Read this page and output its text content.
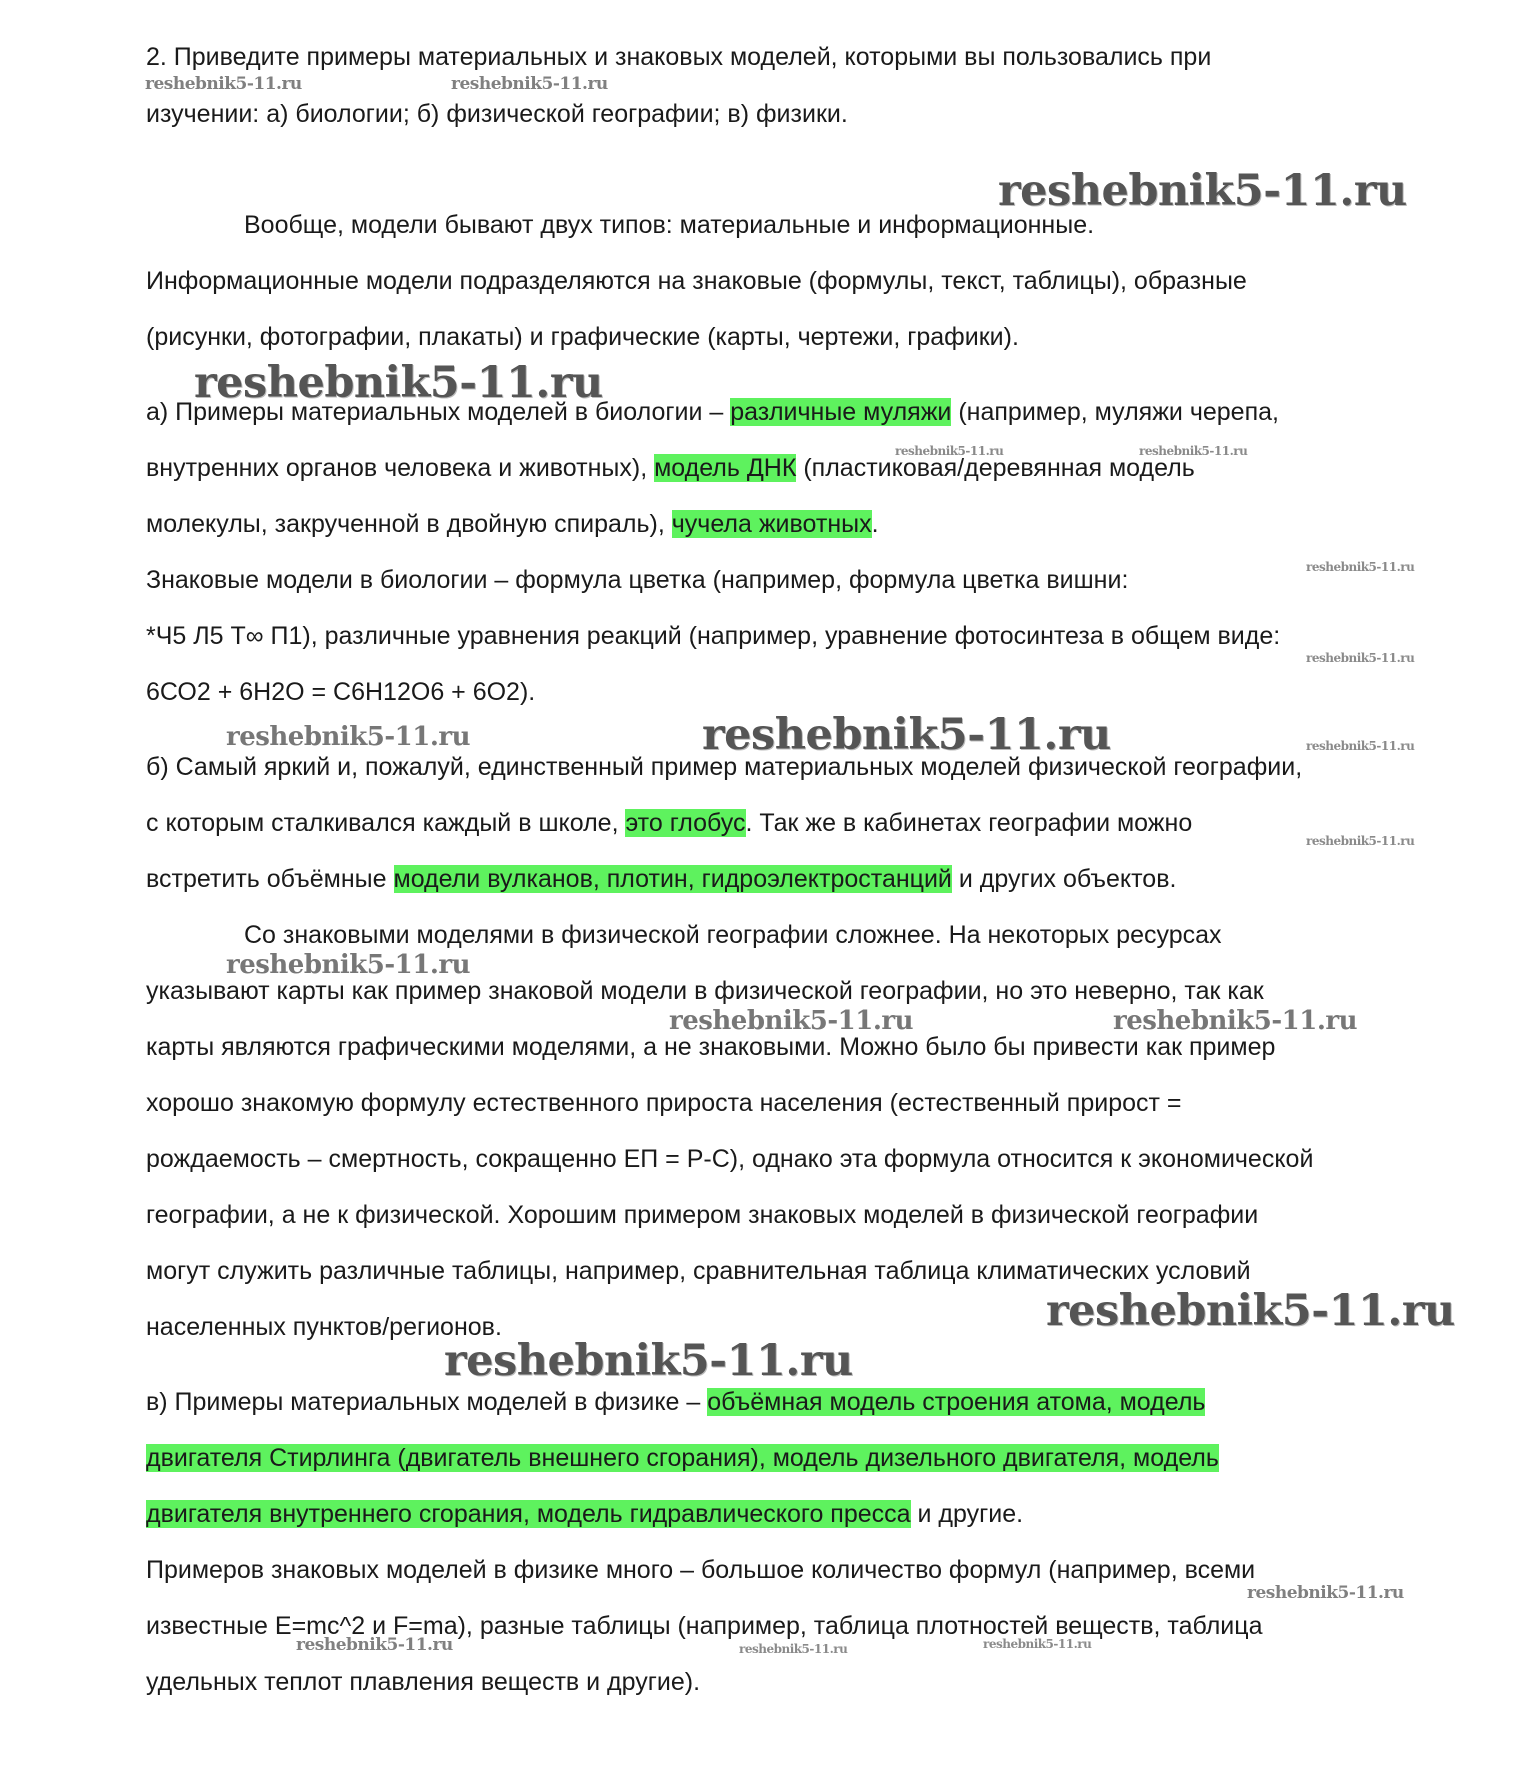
2. Приведите примеры материальных и знаковых моделей, которыми вы пользовались при
изучении: а) биологии; б) физической географии; в) физики.
Вообще, модели бывают двух типов: материальные и информационные.
Информационные модели подразделяются на знаковые (формулы, текст, таблицы), образные
(рисунки, фотографии, плакаты) и графические (карты, чертежи, графики).
а) Примеры материальных моделей в биологии – различные муляжи (например, муляжи черепа,
внутренних органов человека и животных), модель ДНК (пластиковая/деревянная модель
молекулы, закрученной в двойную спираль), чучела животных.
Знаковые модели в биологии – формула цветка (например, формула цветка вишни:
*Ч5 Л5 Т∞ П1), различные уравнения реакций (например, уравнение фотосинтеза в общем виде:
6СО2 + 6Н2О = С6Н12О6 + 6О2).
б) Самый яркий и, пожалуй, единственный пример материальных моделей физической географии,
с которым сталкивался каждый в школе, это глобус. Так же в кабинетах географии можно
встретить объёмные модели вулканов, плотин, гидроэлектростанций и других объектов.
Со знаковыми моделями в физической географии сложнее. На некоторых ресурсах
указывают карты как пример знаковой модели в физической географии, но это неверно, так как
карты являются графическими моделями, а не знаковыми. Можно было бы привести как пример
хорошо знакомую формулу естественного прироста населения (естественный прирост =
рождаемость – смертность, сокращенно ЕП = Р-С), однако эта формула относится к экономической
географии, а не к физической. Хорошим примером знаковых моделей в физической географии
могут служить различные таблицы, например, сравнительная таблица климатических условий
населенных пунктов/регионов.
в) Примеры материальных моделей в физике – объёмная модель строения атома, модель
двигателя Стирлинга (двигатель внешнего сгорания), модель дизельного двигателя, модель
двигателя внутреннего сгорания, модель гидравлического пресса и другие.
Примеров знаковых моделей в физике много – большое количество формул (например, всеми
известные E=mc^2 и F=ma), разные таблицы (например, таблица плотностей веществ, таблица
удельных теплот плавления веществ и другие).
reshebnik5-11.ru	reshebnik5-11.ru
reshebnik5-11.ru
reshebnik5-11.ru
reshebnik5-11.ru	reshebnik5-11.ru
reshebnik5-11.ru
reshebnik5-11.ru
reshebnik5-11.ru	reshebnik5-11.ru	reshebnik5-11.ru
reshebnik5-11.ru
reshebnik5-11.ru
reshebnik5-11.ru	reshebnik5-11.ru
reshebnik5-11.ru
reshebnik5-11.ru
reshebnik5-11.ru
reshebnik5-11.ru	reshebnik5-11.ru	reshebnik5-11.ru
